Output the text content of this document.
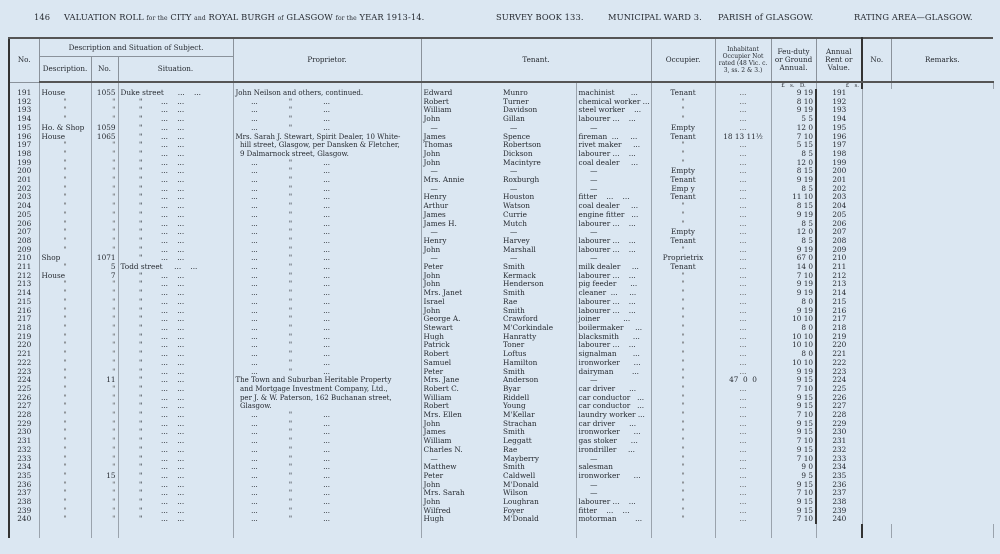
146 VALUATION ROLL for the CITY and ROYAL BURGH of GLASGOW for the YEAR 1913-14.	SURVEY BOOK 133.	MUNICIPAL WARD 3. PARISH of GLASGOW.	RATING AREA—GLASGOW.
No.	Description and Situation of Subject.			Proprietor.	Tenant.			Occupier.	Inhabitant Occupier Not rated (48 Vic. c. 3, ss. 2 & 3.)	Feu-duty or Ground Annual.	Annual Rent or Value.	No.	Remarks.
	Description.	No.	Situation.										
										£   s.   D.	£   s.		
191	House	1055	Duke street      ...    ...	John Neilson and others, continued.	Edward	Munro	machinist       ...	Tenant	...	9 19	191		
192	"	"	"        ...    ...	...              "              ...	Robert	Turner	chemical worker ...	"	...	8 10	192		
193	"	"	"        ...    ...	...              "              ...	William	Davidson	steel worker    ...	"	...	9 19	193		
194	"	"	"        ...    ...	...              "              ...	John	Gillan	labourer ...    ...	"	...	5 5	194		
195	Ho. & Shop	1059	"        ...    ...	...              "              ...	—	—	—	Empty	...	12 0	195		
196	House	1065	"        ...    ...	Mrs. Sarah J. Stewart, Spirit Dealer, 10 White-	James	Spence	fireman  ...     ...	Tenant	18 13 11½	7 10	196		
197	"	"	"        ...    ...	hill street, Glasgow, per Dansken & Fletcher,	Thomas	Robertson	rivet maker     ...	"	...	5 15	197		
198	"	"	"        ...    ...	9 Dalmarnock street, Glasgow.	John	Dickson	labourer ...    ...	"	...	8 5	198		
199	"	"	"        ...    ...	...              "              ...	John	Macintyre	coal dealer     ...	"	...	12 0	199		
200	"	"	"        ...    ...	...              "              ...	—	—	—	Empty	...	8 15	200		
201	"	"	"        ...    ...	...              "              ...	Mrs. Annie	Roxburgh	—	Tenant	...	9 19	201		
202	"	"	"        ...    ...	...              "              ...	—	—	—	Emp y	...	8 5	202		
203	"	"	"        ...    ...	...              "              ...	Henry	Houston	fitter    ...    ...	Tenant	...	11 10	203		
204	"	"	"        ...    ...	...              "              ...	Arthur	Watson	coal dealer     ...	"	...	8 15	204		
205	"	"	"        ...    ...	...              "              ...	James	Currie	engine fitter   ...	"	...	9 19	205		
206	"	"	"        ...    ...	...              "              ...	James H.	Mutch	labourer ...    ...	"	...	8 5	206		
207	"	"	"        ...    ...	...              "              ...	—	—	—	Empty	...	12 0	207		
208	"	"	"        ...    ...	...              "              ...	Henry	Harvey	labourer ...    ...	Tenant	...	8 5	208		
209	"	"	"        ...    ...	...              "              ...	John	Marshall	labourer ...    ...	"	...	9 19	209		
210	Shop	1071	"        ...    ...	...              "              ...	—	—	—	Proprietrix	...	67 0	210		
211	"	5	Todd street     ...    ...	...              "              ...	Peter	Smith	milk dealer     ...	Tenant	...	14 0	211		
212	House	7	"        ...    ...	...              "              ...	John	Kermack	labourer ...    ...	"	...	7 10	212		
213	"	"	"        ...    ...	...              "              ...	John	Henderson	pig feeder      ...	"	...	9 19	213		
214	"	"	"        ...    ...	...              "              ...	Mrs. Janet	Smith	cleaner  ...     ...	"	...	9 19	214		
215	"	"	"        ...    ...	...              "              ...	Israel	Rae	labourer ...    ...	"	...	8 0	215		
216	"	"	"        ...    ...	...              "              ...	John	Smith	labourer ...    ...	"	...	9 19	216		
217	"	"	"        ...    ...	...              "              ...	George A.	Crawford	joiner          ...	"	...	10 10	217		
218	"	"	"        ...    ...	...              "              ...	Stewart	M'Corkindale	boilermaker     ...	"	...	8 0	218		
219	"	"	"        ...    ...	...              "              ...	Hugh	Hanratty	blacksmith      ...	"	...	10 10	219		
220	"	"	"        ...    ...	...              "              ...	Patrick	Toner	labourer ...    ...	"	...	10 10	220		
221	"	"	"        ...    ...	...              "              ...	Robert	Loftus	signalman       ...	"	...	8 0	221		
222	"	"	"        ...    ...	...              "              ...	Samuel	Hamilton	ironworker      ...	"	...	10 10	222		
223	"	"	"        ...    ...	...              "              ...	Peter	Smith	dairyman        ...	"	...	9 19	223		
224	"	11	"        ...    ...	The Town and Suburban Heritable Property	Mrs. Jane	Anderson	—	"	47  0  0	9 15	224		
225	"	"	"        ...    ...	and Mortgage Investment Company, Ltd.,	Robert C.	Byar	car driver      ...	"	...	7 10	225		
226	"	"	"        ...    ...	per J. & W. Paterson, 162 Buchanan street,	William	Riddell	car conductor   ...	"	...	9 15	226		
227	"	"	"        ...    ...	Glasgow.	Robert	Young	car conductor   ...	"	...	9 15	227		
228	"	"	"        ...    ...	...              "              ...	Mrs. Ellen	M'Kellar	laundry worker ...	"	...	7 10	228		
229	"	"	"        ...    ...	...              "              ...	John	Strachan	car driver      ...	"	...	9 15	229		
230	"	"	"        ...    ...	...              "              ...	James	Smith	ironworker      ...	"	...	9 15	230		
231	"	"	"        ...    ...	...              "              ...	William	Leggatt	gas stoker      ...	"	...	7 10	231		
232	"	"	"        ...    ...	...              "              ...	Charles N.	Rae	irondriller     ...	"	...	9 15	232		
233	"	"	"        ...    ...	...              "              ...	—	Mayberry	—	"	...	7 10	233		
234	"	"	"        ...    ...	...              "              ...	Matthew	Smith	salesman	"	...	9 0	234		
235	"	15	"        ...    ...	...              "              ...	Peter	Caldwell	ironworker      ...	"	...	9 5	235		
236	"	"	"        ...    ...	...              "              ...	John	M'Donald	—	"	...	9 15	236		
237	"	"	"        ...    ...	...              "              ...	Mrs. Sarah	Wilson	—	"	...	7 10	237		
238	"	"	"        ...    ...	...              "              ...	John	Loughran	labourer ...    ...	"	...	9 15	238		
239	"	"	"        ...    ...	...              "              ...	Wilfred	Foyer	fitter    ...    ...	"	...	9 15	239		
240	"	"	"        ...    ...	...              "              ...	Hugh	M'Donald	motorman        ...	"	...	7 10	240		
